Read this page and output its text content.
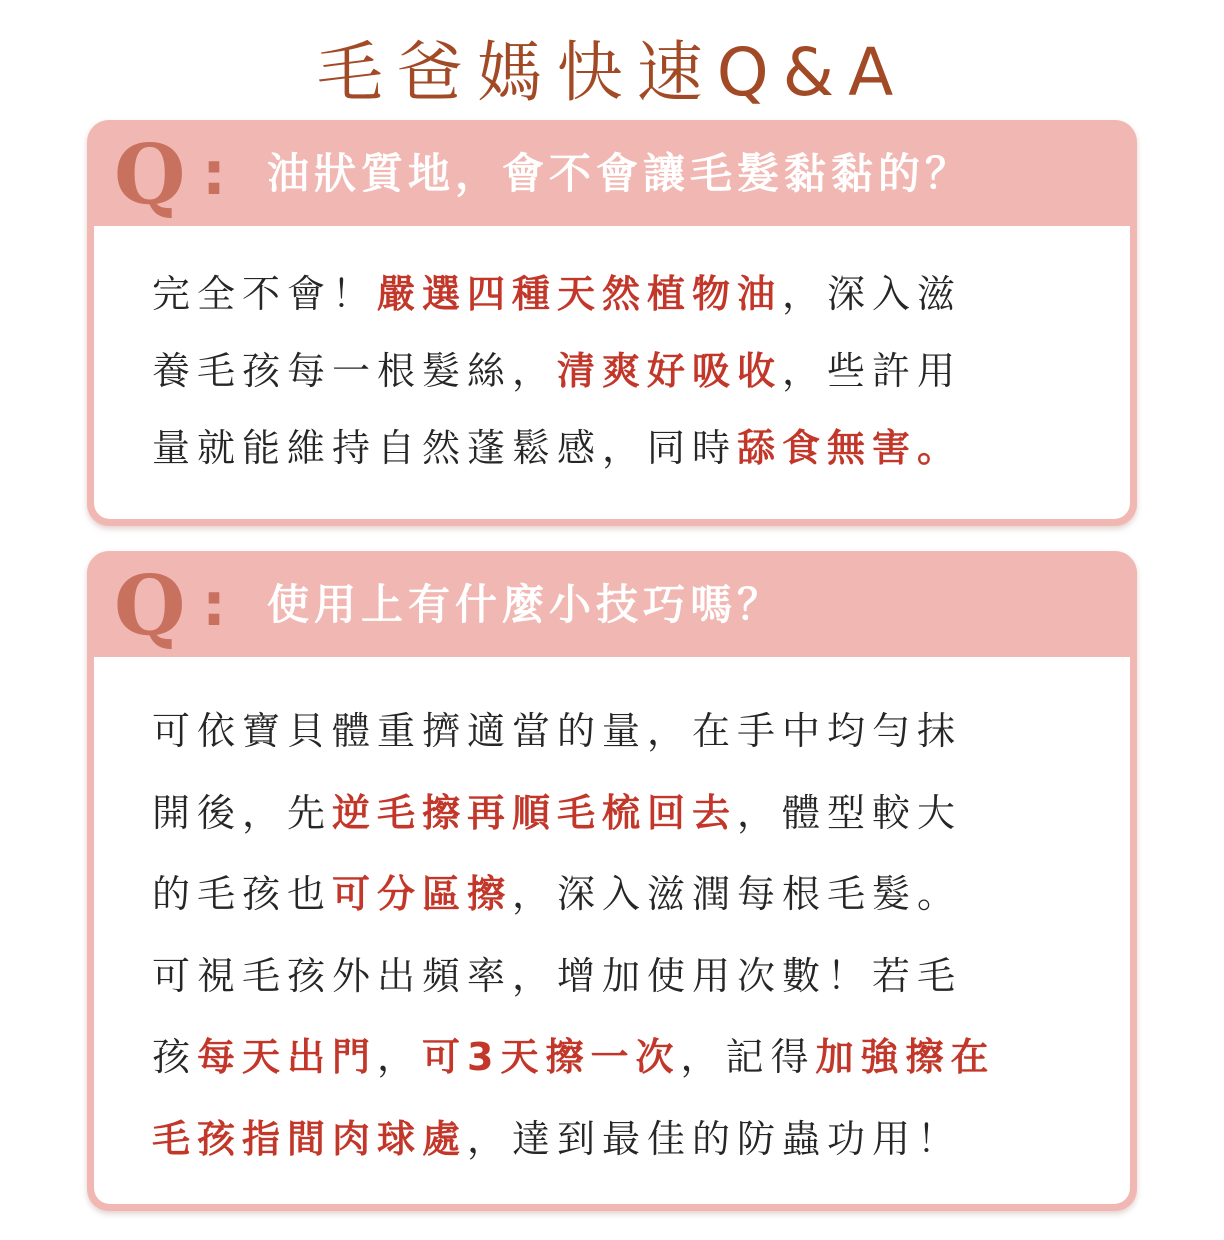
毛爸媽快速Q&A
Q : 油狀質地，會不會讓毛髮黏黏的？
完全不會！嚴選四種天然植物油，深入滋
養毛孩每一根髮絲，清爽好吸收，些許用
量就能維持自然蓬鬆感，同時舔食無害。
Q : 使用上有什麼小技巧嗎？
可依寶貝體重擠適當的量，在手中均勻抹
開後，先逆毛擦再順毛梳回去，體型較大
的毛孩也可分區擦，深入滋潤每根毛髮。
可視毛孩外出頻率，增加使用次數！若毛
孩每天出門，可3天擦一次，記得加強擦在
毛孩指間肉球處，達到最佳的防蟲功用！
